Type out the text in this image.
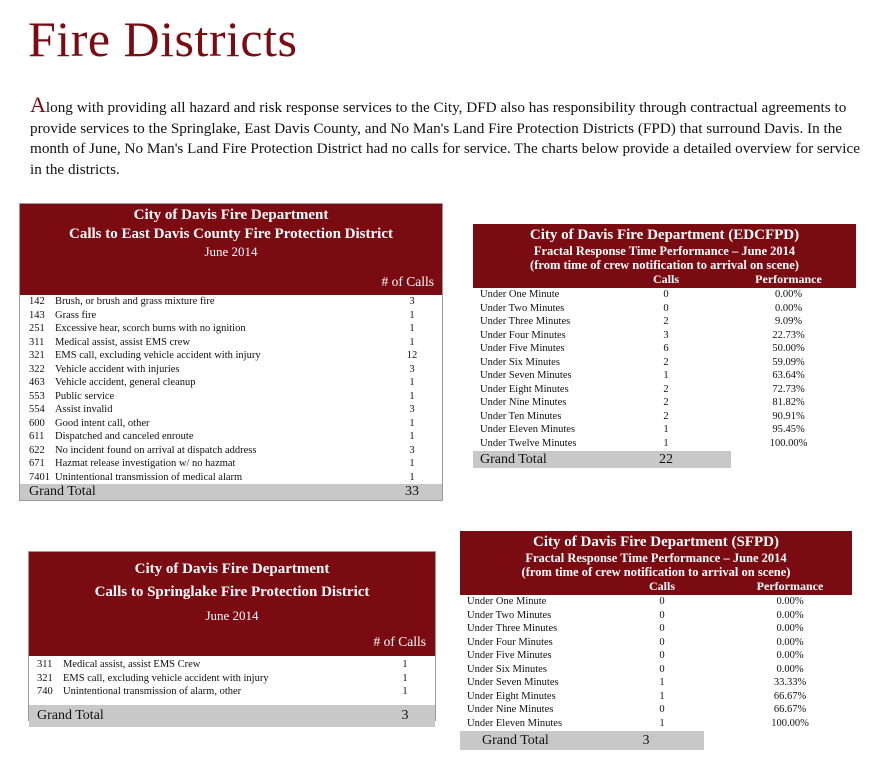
Fire Districts

Along with providing all hazard and risk response services to the City, DFD also has responsibility through contractual agreements to provide services to the Springlake, East Davis County, and No Man's Land Fire Protection Districts (FPD) that surround Davis. In the month of June, No Man's Land Fire Protection District had no calls for service. The charts below provide a detailed overview for service in the districts.

City of Davis Fire Department
Calls to East Davis County Fire Protection District
June 2014
# of Calls
142 Brush, or brush and grass mixture fire	3
143 Grass fire	1
251 Excessive hear, scorch burns with no ignition	1
311 Medical assist, assist EMS crew	1
321 EMS call, excluding vehicle accident with injury	12
322 Vehicle accident with injuries	3
463 Vehicle accident, general cleanup	1
553 Public service	1
554 Assist invalid	3
600 Good intent call, other	1
611 Dispatched and canceled enroute	1
622 No incident found on arrival at dispatch address	3
671 Hazmat release investigation w/ no hazmat	1
7401 Unintentional transmission of medical alarm	1
Grand Total	33
City of Davis Fire Department
Calls to Springlake Fire Protection District
June 2014
# of Calls
311 Medical assist, assist EMS Crew	1
321 EMS call, excluding vehicle accident with injury	1
740 Unintentional transmission of alarm, other	1
Grand Total	3
City of Davis Fire Department (EDCFPD)
Fractal Response Time Performance – June 2014
(from time of crew notification to arrival on scene)
Calls	Performance
Under One Minute	0	0.00%
Under Two Minutes	0	0.00%
Under Three Minutes	2	9.09%
Under Four Minutes	3	22.73%
Under Five Minutes	6	50.00%
Under Six Minutes	2	59.09%
Under Seven Minutes	1	63.64%
Under Eight Minutes	2	72.73%
Under Nine Minutes	2	81.82%
Under Ten Minutes	2	90.91%
Under Eleven Minutes	1	95.45%
Under Twelve Minutes	1	100.00%
Grand Total	22
City of Davis Fire Department (SFPD)
Fractal Response Time Performance – June 2014
(from time of crew notification to arrival on scene)
Calls	Performance
Under One Minute	0	0.00%
Under Two Minutes	0	0.00%
Under Three Minutes	0	0.00%
Under Four Minutes	0	0.00%
Under Five Minutes	0	0.00%
Under Six Minutes	0	0.00%
Under Seven Minutes	1	33.33%
Under Eight Minutes	1	66.67%
Under Nine Minutes	0	66.67%
Under Eleven Minutes	1	100.00%
Grand Total	3
